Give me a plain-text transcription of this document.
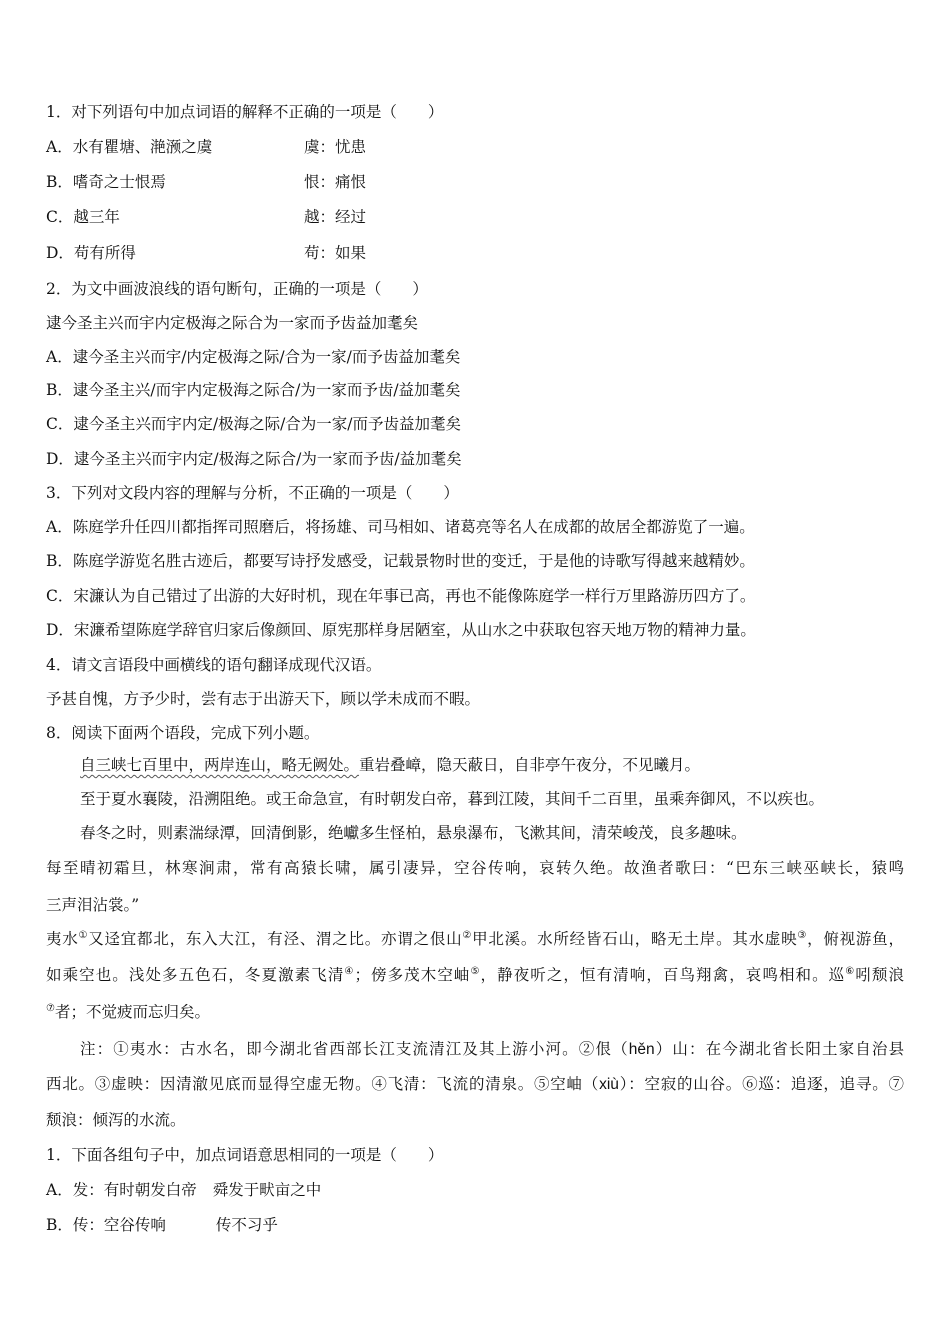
1．对下列语句中加点词语的解释不正确的一项是（　　）
A．水有瞿塘、滟滪之虞	虞：忧患
B．嗜奇之士恨焉	恨：痛恨
C．越三年	越：经过
D．苟有所得	苟：如果
2．为文中画波浪线的语句断句，正确的一项是（　　）
逮今圣主兴而宇内定极海之际合为一家而予齿益加耄矣
A．逮今圣主兴而宇/内定极海之际/合为一家/而予齿益加耄矣
B．逮今圣主兴/而宇内定极海之际合/为一家而予齿/益加耄矣
C．逮今圣主兴而宇内定/极海之际/合为一家/而予齿益加耄矣
D．逮今圣主兴而宇内定/极海之际合/为一家而予齿/益加耄矣
3．下列对文段内容的理解与分析，不正确的一项是（　　）
A．陈庭学升任四川都指挥司照磨后，将扬雄、司马相如、诸葛亮等名人在成都的故居全都游览了一遍。
B．陈庭学游览名胜古迹后，都要写诗抒发感受，记载景物时世的变迁，于是他的诗歌写得越来越精妙。
C．宋濂认为自己错过了出游的大好时机，现在年事已高，再也不能像陈庭学一样行万里路游历四方了。
D．宋濂希望陈庭学辞官归家后像颜回、原宪那样身居陋室，从山水之中获取包容天地万物的精神力量。
4．请文言语段中画横线的语句翻译成现代汉语。
予甚自愧，方予少时，尝有志于出游天下，顾以学未成而不暇。
8．阅读下面两个语段，完成下列小题。
自三峡七百里中，两岸连山，略无阙处。重岩叠嶂，隐天蔽日，自非亭午夜分，不见曦月。
至于夏水襄陵，沿溯阻绝。或王命急宣，有时朝发白帝，暮到江陵，其间千二百里，虽乘奔御风，不以疾也。
春冬之时，则素湍绿潭，回清倒影，绝巘多生怪柏，悬泉瀑布，飞漱其间，清荣峻茂，良多趣味。
每至晴初霜旦，林寒涧肃，常有高猿长啸，属引凄异，空谷传响，哀转久绝。故渔者歌曰：“巴东三峡巫峡长，猿鸣
三声泪沾裳。”
夷水①又迳宜都北，东入大江，有泾、渭之比。亦谓之佷山②甲北溪。水所经皆石山，略无土岸。其水虚映③，俯视游鱼，
如乘空也。浅处多五色石，冬夏激素飞清④；傍多茂木空岫⑤，静夜听之，恒有清响，百鸟翔禽，哀鸣相和。巡⑥吲颓浪
⑦者；不觉疲而忘归矣。
注：①夷水：古水名，即今湖北省西部长江支流清江及其上游小河。②佷（hěn）山：在今湖北省长阳土家自治县
西北。③虚映：因清澈见底而显得空虚无物。④飞清：飞流的清泉。⑤空岫（xiù）：空寂的山谷。⑥巡：追逐，追寻。⑦
颓浪：倾泻的水流。
1．下面各组句子中，加点词语意思相同的一项是（　　）
A．发：有时朝发白帝 舜发于畎亩之中
B．传：空谷传响	传不习乎
